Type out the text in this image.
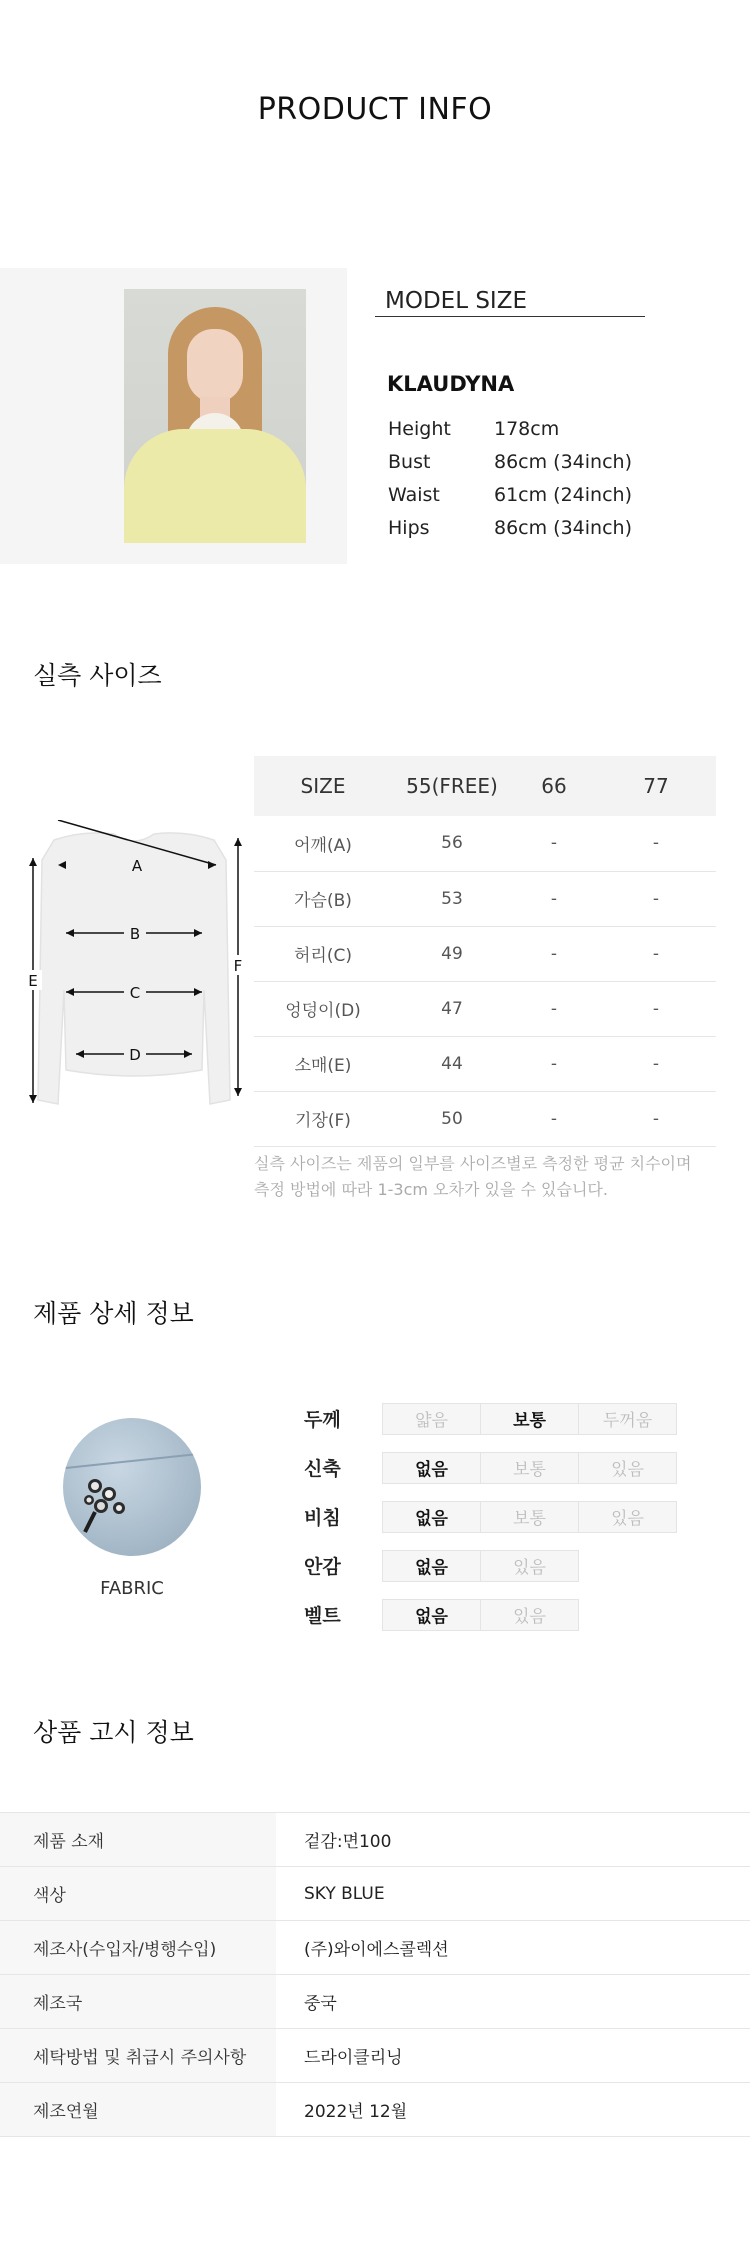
PRODUCT INFO
MODEL SIZE
KLAUDYNA
Height	178cm
Bust	86cm (34inch)
Waist	61cm (24inch)
Hips	86cm (34inch)
실측 사이즈
A
B
C
D
E
F
SIZE	55(FREE)	66	77
어깨(A)	56	-	-
가슴(B)	53	-	-
허리(C)	49	-	-
엉덩이(D)	47	-	-
소매(E)	44	-	-
기장(F)	50	-	-
실측 사이즈는 제품의 일부를 사이즈별로 측정한 평균 치수이며
측정 방법에 따라 1-3cm 오차가 있을 수 있습니다.
제품 상세 정보
FABRIC
두께	얇음	보통	두꺼움
신축	없음	보통	있음
비침	없음	보통	있음
안감	없음	있음
벨트	없음	있음
상품 고시 정보
제품 소재	겉감:면100
색상	SKY BLUE
제조사(수입자/병행수입)	(주)와이에스콜렉션
제조국	중국
세탁방법 및 취급시 주의사항	드라이클리닝
제조연월	2022년 12월
